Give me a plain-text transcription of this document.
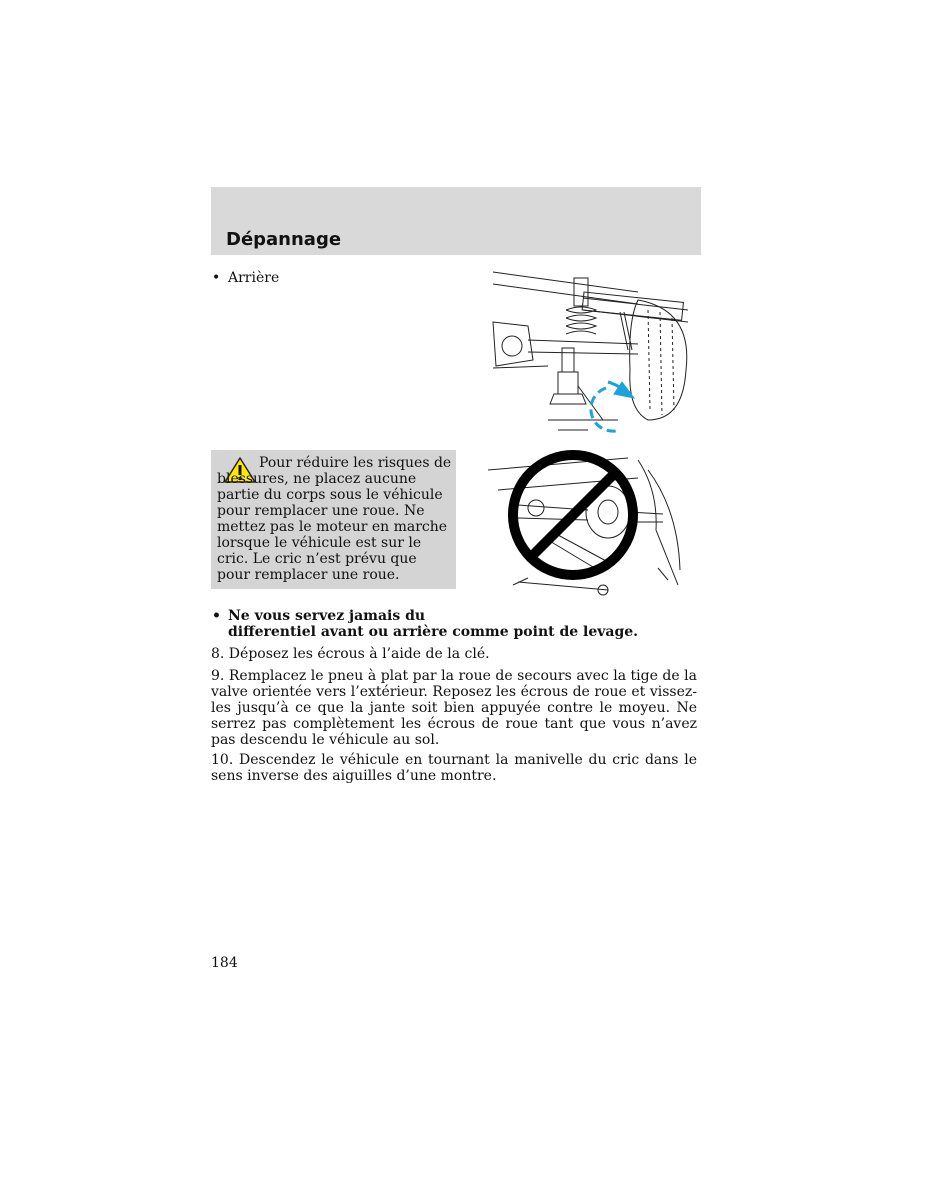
Dépannage
• Arrière
Pour réduire les risques de blessures, ne placez aucune partie du corps sous le véhicule pour remplacer une roue. Ne mettez pas le moteur en marche lorsque le véhicule est sur le cric. Le cric n’est prévu que pour remplacer une roue.
• Ne vous servez jamais du
differentiel avant ou arrière comme point de levage.
8. Déposez les écrous à l’aide de la clé.
9. Remplacez le pneu à plat par la roue de secours avec la tige de la valve orientée vers l’extérieur. Reposez les écrous de roue et vissez-les jusqu’à ce que la jante soit bien appuyée contre le moyeu. Ne serrez pas complètement les écrous de roue tant que vous n’avez pas descendu le véhicule au sol.
10. Descendez le véhicule en tournant la manivelle du cric dans le sens inverse des aiguilles d’une montre.
184
